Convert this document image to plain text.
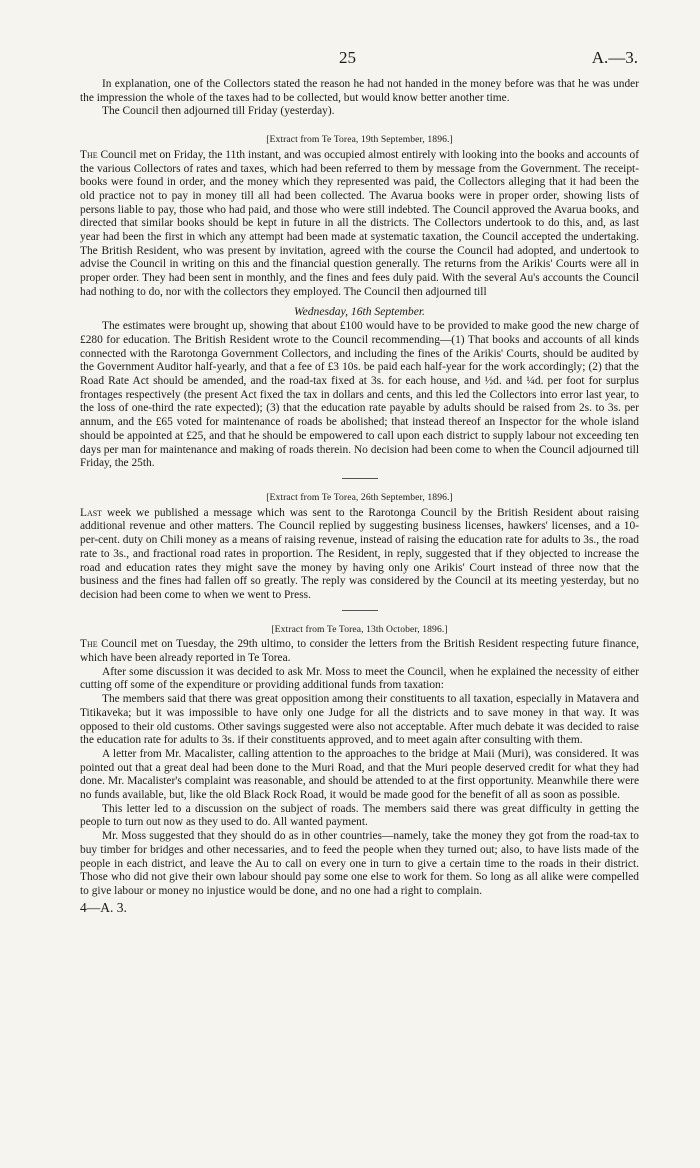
25	A.—3.

In explanation, one of the Collectors stated the reason he had not handed in the money before was that he was under the impression the whole of the taxes had to be collected, but would know better another time.

The Council then adjourned till Friday (yesterday).

[Extract from Te Torea, 19th September, 1896.]

The Council met on Friday, the 11th instant, and was occupied almost entirely with looking into the books and accounts of the various Collectors of rates and taxes, which had been referred to them by message from the Government. The receipt-books were found in order, and the money which they represented was paid, the Collectors alleging that it had been the old practice not to pay in money till all had been collected. The Avarua books were in proper order, showing lists of persons liable to pay, those who had paid, and those who were still indebted. The Council approved the Avarua books, and directed that similar books should be kept in future in all the districts. The Collectors undertook to do this, and, as last year had been the first in which any attempt had been made at systematic taxation, the Council accepted the undertaking. The British Resident, who was present by invitation, agreed with the course the Council had adopted, and undertook to advise the Council in writing on this and the financial question generally. The returns from the Arikis' Courts were all in proper order. They had been sent in monthly, and the fines and fees duly paid. With the several Au's accounts the Council had nothing to do, nor with the collectors they employed. The Council then adjourned till

Wednesday, 16th September.

The estimates were brought up, showing that about £100 would have to be provided to make good the new charge of £280 for education. The British Resident wrote to the Council recommending—(1) That books and accounts of all kinds connected with the Rarotonga Government Collectors, and including the fines of the Arikis' Courts, should be audited by the Government Auditor half-yearly, and that a fee of £3 10s. be paid each half-year for the work accordingly; (2) that the Road Rate Act should be amended, and the road-tax fixed at 3s. for each house, and ½d. and ¼d. per foot for surplus frontages respectively (the present Act fixed the tax in dollars and cents, and this led the Collectors into error last year, to the loss of one-third the rate expected); (3) that the education rate payable by adults should be raised from 2s. to 3s. per annum, and the £65 voted for maintenance of roads be abolished; that instead thereof an Inspector for the whole island should be appointed at £25, and that he should be empowered to call upon each district to supply labour not exceeding ten days per man for maintenance and making of roads therein. No decision had been come to when the Council adjourned till Friday, the 25th.

[Extract from Te Torea, 26th September, 1896.]

Last week we published a message which was sent to the Rarotonga Council by the British Resident about raising additional revenue and other matters. The Council replied by suggesting business licenses, hawkers' licenses, and a 10-per-cent. duty on Chili money as a means of raising revenue, instead of raising the education rate for adults to 3s., the road rate to 3s., and fractional road rates in proportion. The Resident, in reply, suggested that if they objected to increase the road and education rates they might save the money by having only one Arikis' Court instead of three now that the business and the fines had fallen off so greatly. The reply was considered by the Council at its meeting yesterday, but no decision had been come to when we went to Press.

[Extract from Te Torea, 13th October, 1896.]

The Council met on Tuesday, the 29th ultimo, to consider the letters from the British Resident respecting future finance, which have been already reported in Te Torea.

After some discussion it was decided to ask Mr. Moss to meet the Council, when he explained the necessity of either cutting off some of the expenditure or providing additional funds from taxation:

The members said that there was great opposition among their constituents to all taxation, especially in Matavera and Titikaveka; but it was impossible to have only one Judge for all the districts and to save money in that way. It was opposed to their old customs. Other savings suggested were also not acceptable. After much debate it was decided to raise the education rate for adults to 3s. if their constituents approved, and to meet again after consulting with them.

A letter from Mr. Macalister, calling attention to the approaches to the bridge at Maii (Muri), was considered. It was pointed out that a great deal had been done to the Muri Road, and that the Muri people deserved credit for what they had done. Mr. Macalister's complaint was reasonable, and should be attended to at the first opportunity. Meanwhile there were no funds available, but, like the old Black Rock Road, it would be made good for the benefit of all as soon as possible.

This letter led to a discussion on the subject of roads. The members said there was great difficulty in getting the people to turn out now as they used to do. All wanted payment.

Mr. Moss suggested that they should do as in other countries—namely, take the money they got from the road-tax to buy timber for bridges and other necessaries, and to feed the people when they turned out; also, to have lists made of the people in each district, and leave the Au to call on every one in turn to give a certain time to the roads in their district. Those who did not give their own labour should pay some one else to work for them. So long as all alike were compelled to give labour or money no injustice would be done, and no one had a right to complain.

4—A. 3.
